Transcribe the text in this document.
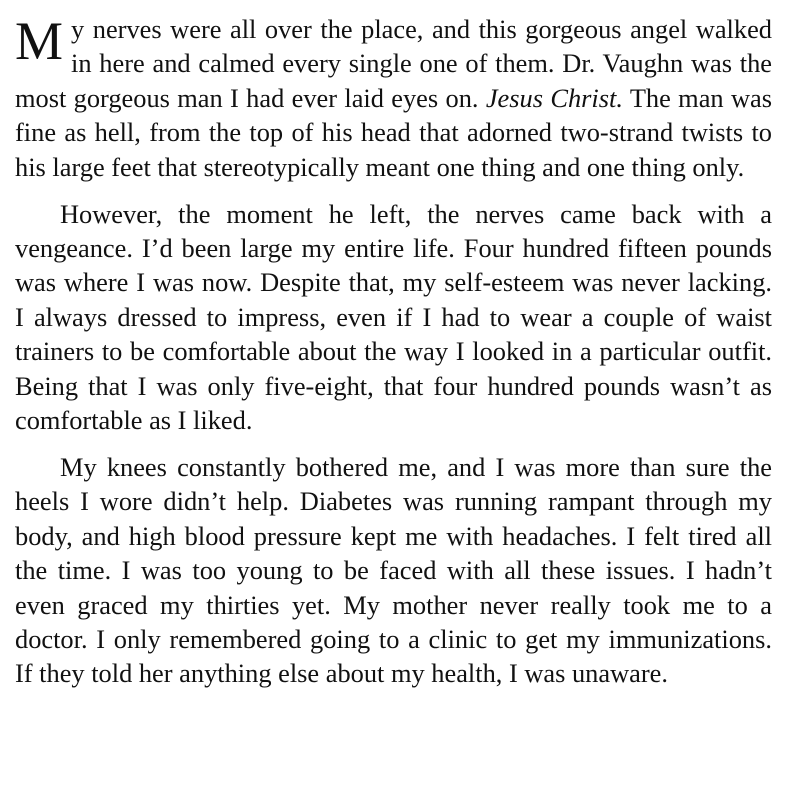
My nerves were all over the place, and this gorgeous angel walked in here and calmed every single one of them. Dr. Vaughn was the most gorgeous man I had ever laid eyes on. Jesus Christ. The man was fine as hell, from the top of his head that adorned two-strand twists to his large feet that stereotypically meant one thing and one thing only.

However, the moment he left, the nerves came back with a vengeance. I’d been large my entire life. Four hundred fifteen pounds was where I was now. Despite that, my self-esteem was never lacking. I always dressed to impress, even if I had to wear a couple of waist trainers to be comfortable about the way I looked in a particular outfit. Being that I was only five-eight, that four hundred pounds wasn’t as comfortable as I liked.

My knees constantly bothered me, and I was more than sure the heels I wore didn’t help. Diabetes was running rampant through my body, and high blood pressure kept me with headaches. I felt tired all the time. I was too young to be faced with all these issues. I hadn’t even graced my thirties yet. My mother never really took me to a doctor. I only remembered going to a clinic to get my immunizations. If they told her anything else about my health, I was unaware.
